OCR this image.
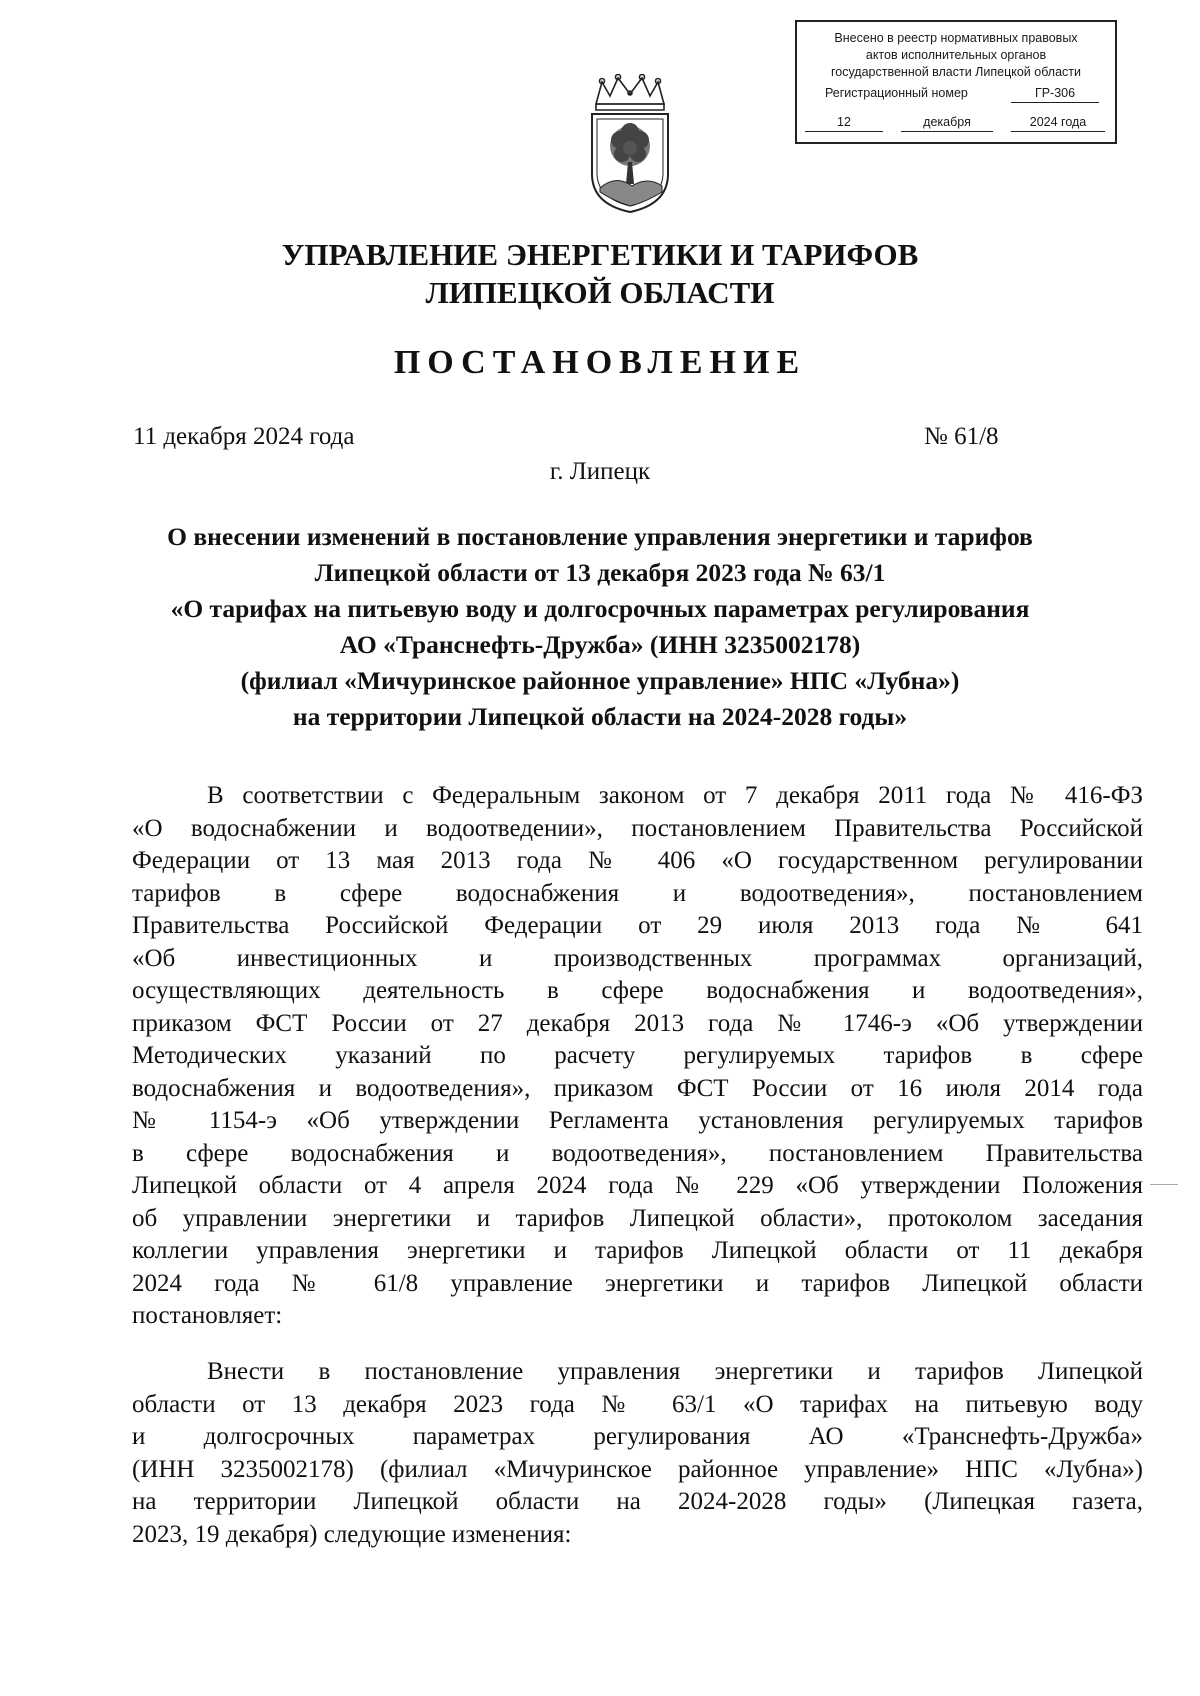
Внесено в реестр нормативных правовых
актов исполнительных органов
государственной власти Липецкой области
Регистрационный номер	ГР-306
12	декабря	2024 года
УПРАВЛЕНИЕ ЭНЕРГЕТИКИ И ТАРИФОВ
ЛИПЕЦКОЙ ОБЛАСТИ
ПОСТАНОВЛЕНИЕ
11 декабря 2024 года	№ 61/8
г. Липецк
О внесении изменений в постановление управления энергетики и тарифов
Липецкой области от 13 декабря 2023 года № 63/1
«О тарифах на питьевую воду и долгосрочных параметрах регулирования
АО «Транснефть-Дружба» (ИНН 3235002178)
(филиал «Мичуринское районное управление» НПС «Лубна»)
на территории Липецкой области на 2024-2028 годы»
В соответствии с Федеральным законом от 7 декабря 2011 года № 416-ФЗ
«О водоснабжении и водоотведении», постановлением Правительства Российской
Федерации от 13 мая 2013 года № 406 «О государственном регулировании
тарифов в сфере водоснабжения и водоотведения», постановлением
Правительства Российской Федерации от 29 июля 2013 года № 641
«Об инвестиционных и производственных программах организаций,
осуществляющих деятельность в сфере водоснабжения и водоотведения»,
приказом ФСТ России от 27 декабря 2013 года № 1746-э «Об утверждении
Методических указаний по расчету регулируемых тарифов в сфере
водоснабжения и водоотведения», приказом ФСТ России от 16 июля 2014 года
№ 1154-э «Об утверждении Регламента установления регулируемых тарифов
в сфере водоснабжения и водоотведения», постановлением Правительства
Липецкой области от 4 апреля 2024 года № 229 «Об утверждении Положения
об управлении энергетики и тарифов Липецкой области», протоколом заседания
коллегии управления энергетики и тарифов Липецкой области от 11 декабря
2024 года № 61/8 управление энергетики и тарифов Липецкой области
постановляет:
Внести в постановление управления энергетики и тарифов Липецкой
области от 13 декабря 2023 года № 63/1 «О тарифах на питьевую воду
и долгосрочных параметрах регулирования АО «Транснефть-Дружба»
(ИНН 3235002178) (филиал «Мичуринское районное управление» НПС «Лубна»)
на территории Липецкой области на 2024-2028 годы» (Липецкая газета,
2023, 19 декабря) следующие изменения:
